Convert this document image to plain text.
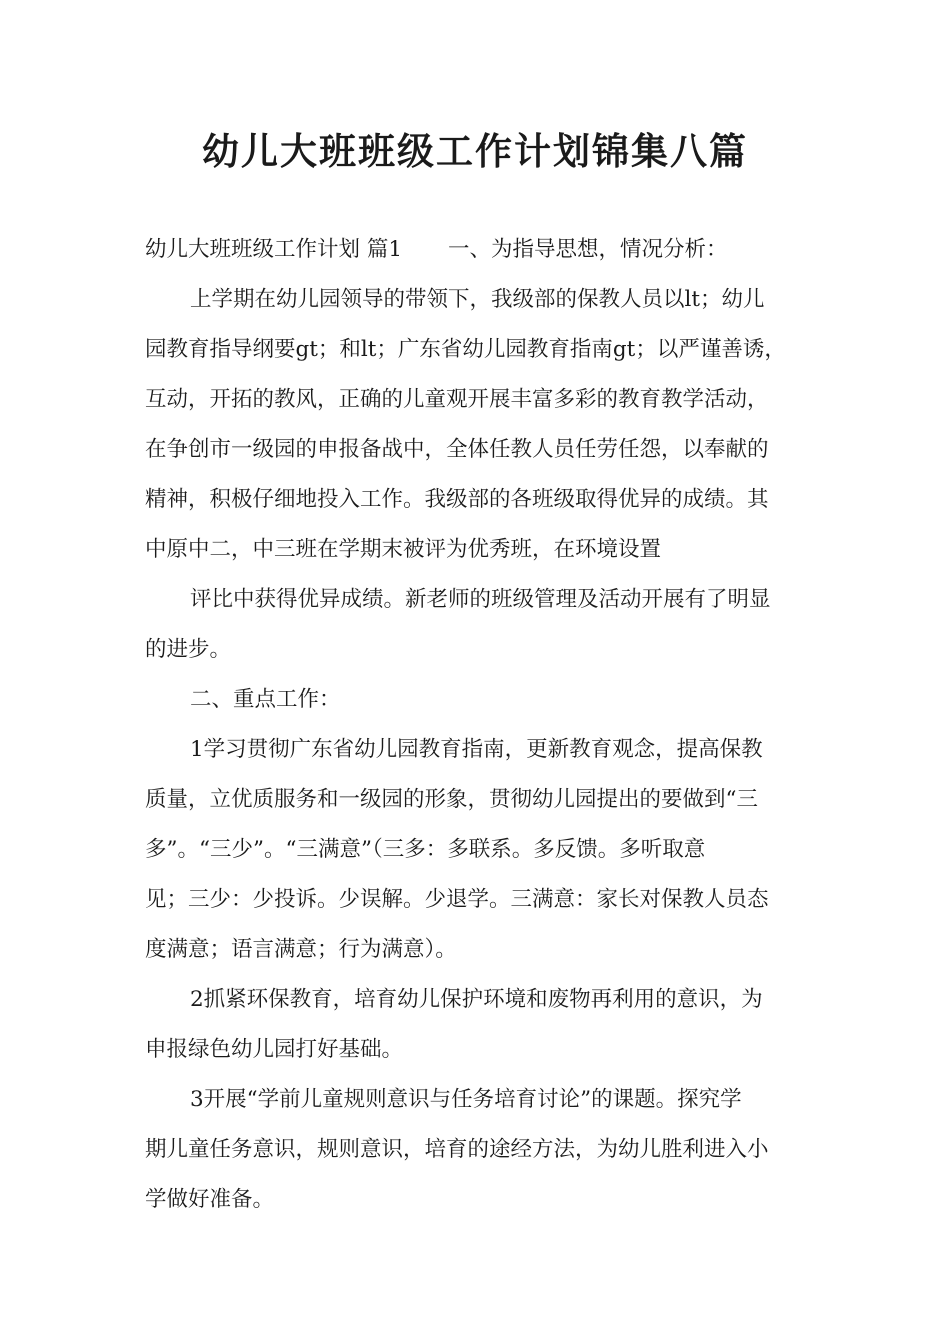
幼儿大班班级工作计划锦集八篇
幼儿大班班级工作计划 篇1 一、为指导思想，情况分析：
上学期在幼儿园领导的带领下，我级部的保教人员以lt；幼儿
园教育指导纲要gt；和lt；广东省幼儿园教育指南gt；以严谨善诱，
互动，开拓的教风，正确的儿童观开展丰富多彩的教育教学活动，
在争创市一级园的申报备战中，全体任教人员任劳任怨，以奉献的
精神，积极仔细地投入工作。我级部的各班级取得优异的成绩。其
中原中二，中三班在学期末被评为优秀班，在环境设置
评比中获得优异成绩。新老师的班级管理及活动开展有了明显
的进步。
二、重点工作：
1学习贯彻广东省幼儿园教育指南，更新教育观念，提高保教
质量，立优质服务和一级园的形象，贯彻幼儿园提出的要做到“三
多”。“三少”。“三满意”（三多：多联系。多反馈。多听取意
见；三少：少投诉。少误解。少退学。三满意：家长对保教人员态
度满意；语言满意；行为满意）。
2抓紧环保教育，培育幼儿保护环境和废物再利用的意识，为
申报绿色幼儿园打好基础。
3开展“学前儿童规则意识与任务培育讨论”的课题。探究学
期儿童任务意识，规则意识，培育的途经方法，为幼儿胜利进入小
学做好准备。
